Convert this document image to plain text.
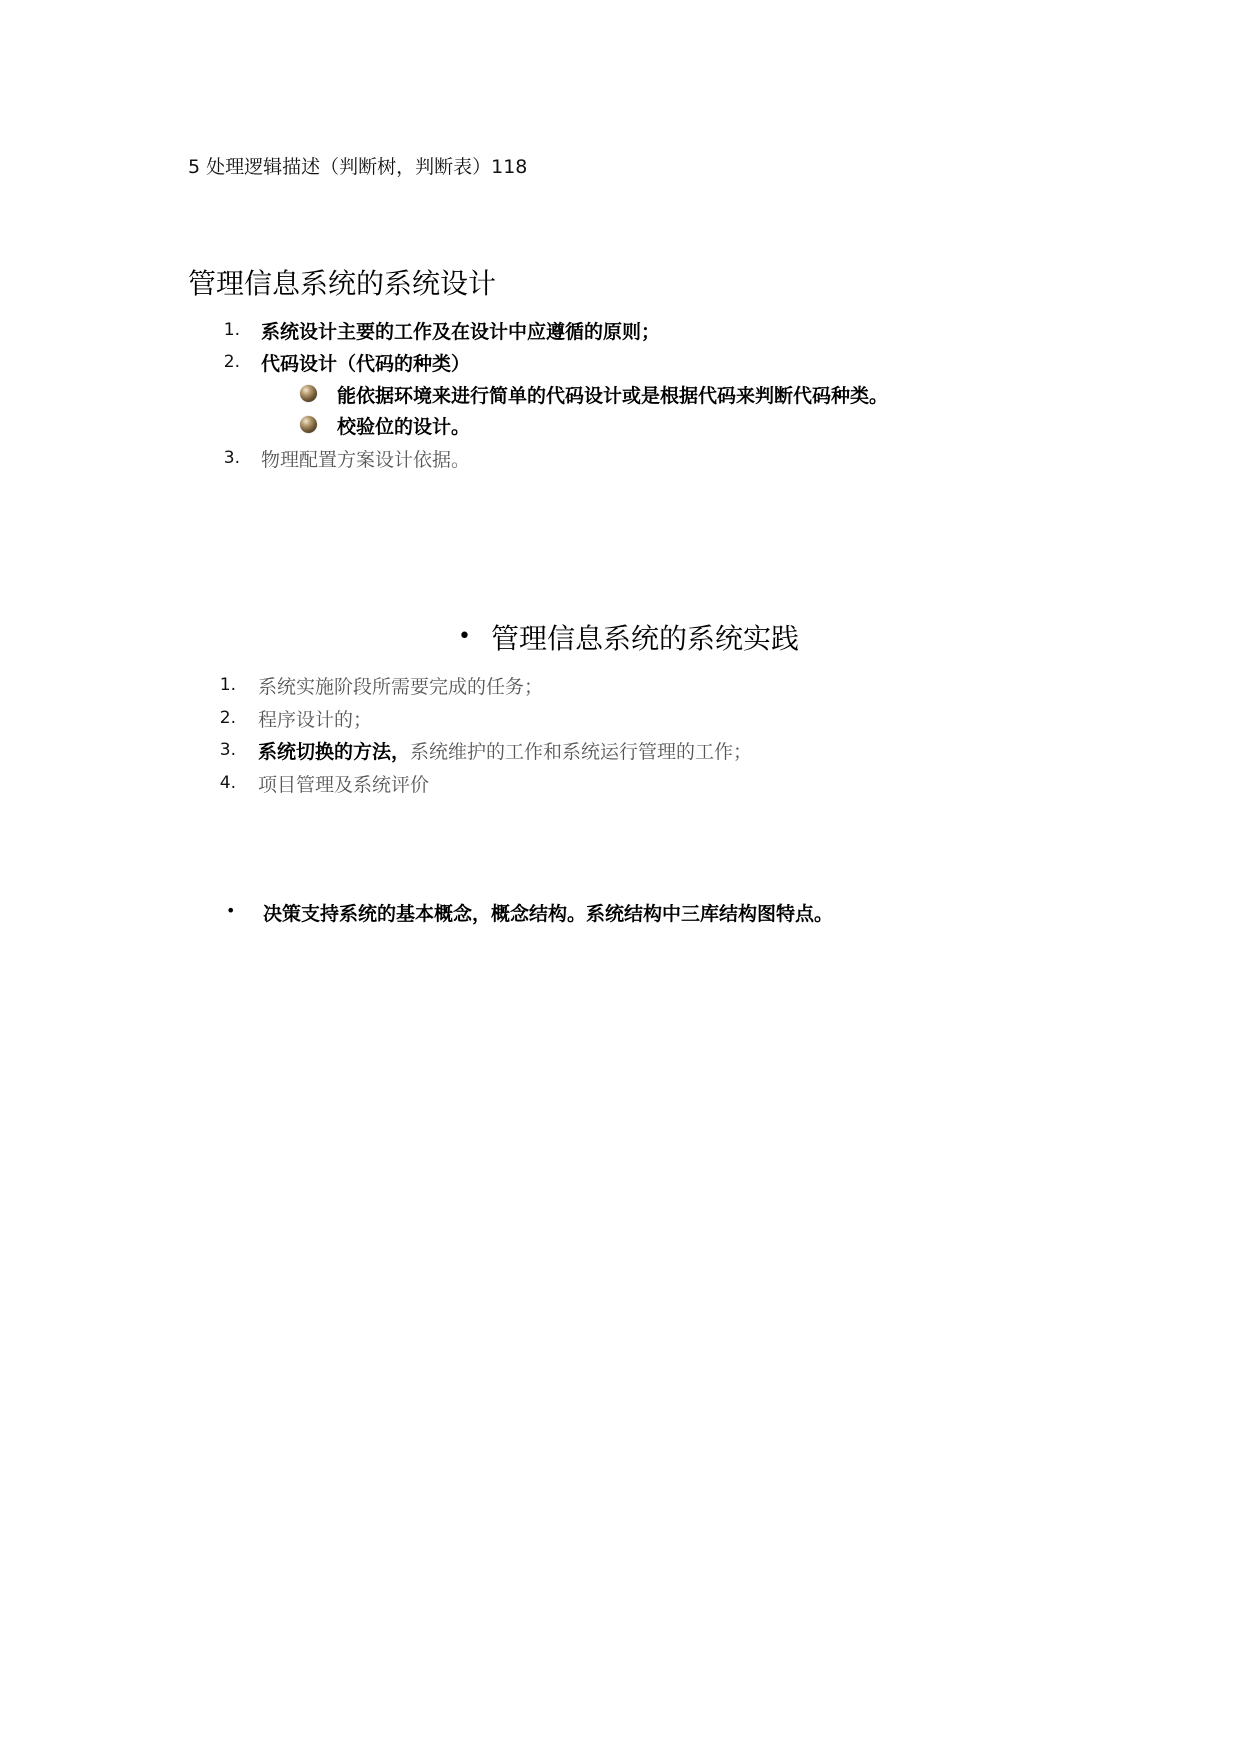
5 处理逻辑描述（判断树，判断表）118
管理信息系统的系统设计
1. 系统设计主要的工作及在设计中应遵循的原则；
2. 代码设计（代码的种类）
能依据环境来进行简单的代码设计或是根据代码来判断代码种类。
校验位的设计。
3. 物理配置方案设计依据。
• 管理信息系统的系统实践
1. 系统实施阶段所需要完成的任务；
2. 程序设计的；
3. 系统切换的方法，系统维护的工作和系统运行管理的工作；
4. 项目管理及系统评价
• 决策支持系统的基本概念，概念结构。系统结构中三库结构图特点。
